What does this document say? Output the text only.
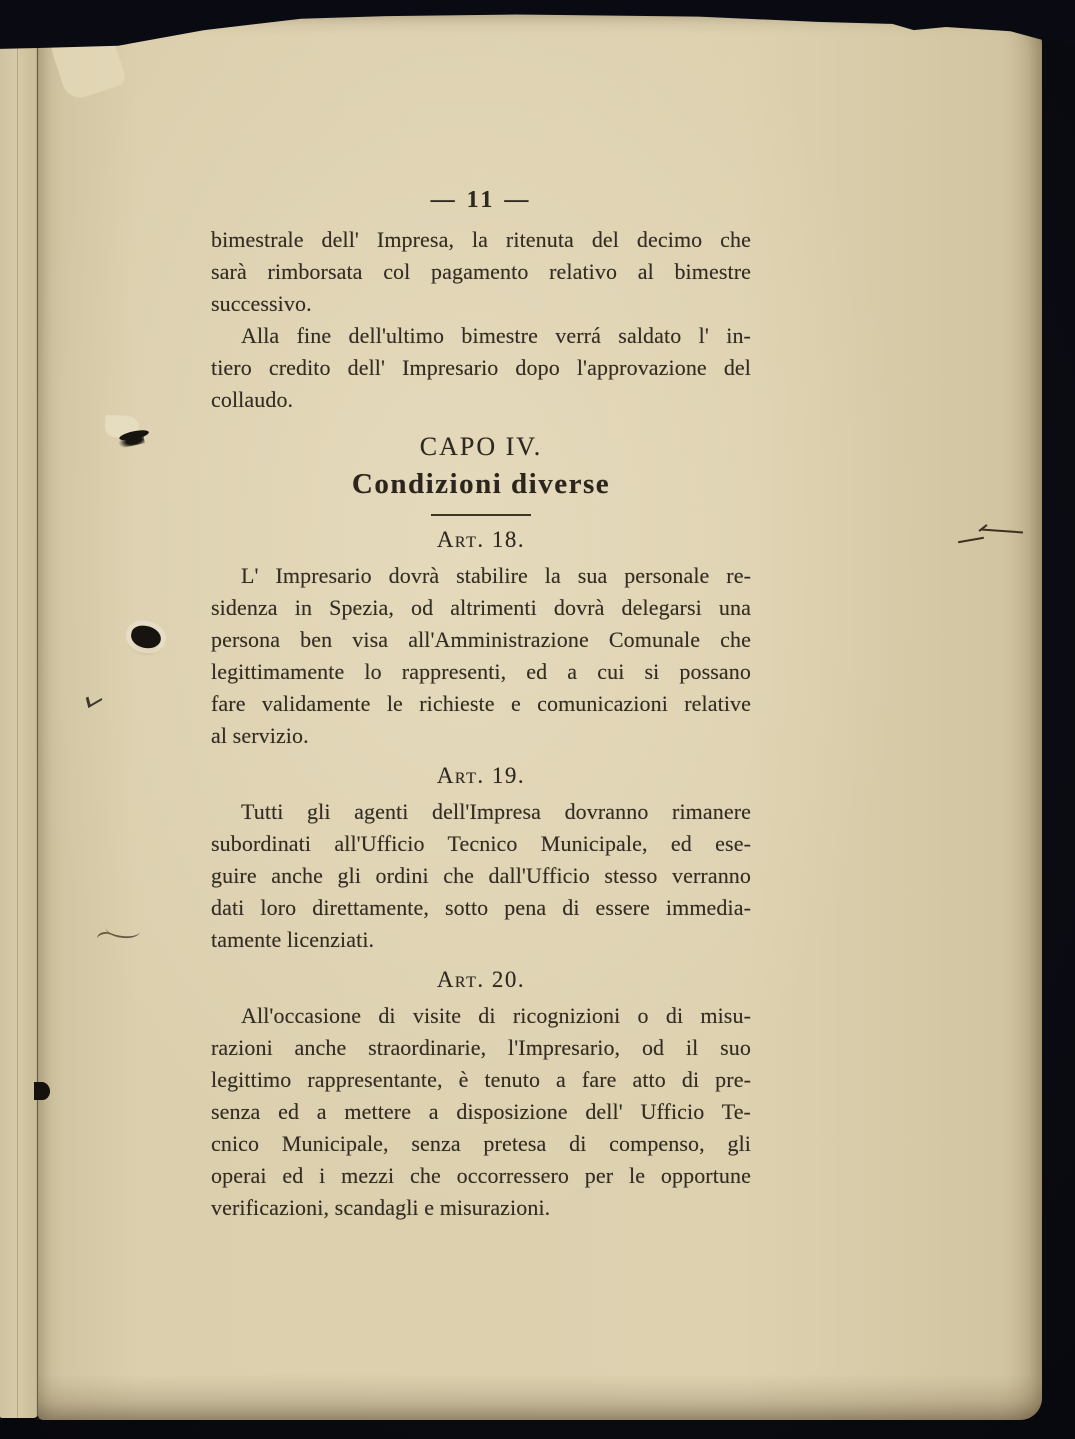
— 11 —
bimestrale dell' Impresa, la ritenuta del decimo che
sarà rimborsata col pagamento relativo al bimestre
successivo.
Alla fine dell'ultimo bimestre verrá saldato l' in-
tiero credito dell' Impresario dopo l'approvazione del
collaudo.
CAPO IV.
Condizioni diverse
Art. 18.
L' Impresario dovrà stabilire la sua personale re-
sidenza in Spezia, od altrimenti dovrà delegarsi una
persona ben visa all'Amministrazione Comunale che
legittimamente lo rappresenti, ed a cui si possano
fare validamente le richieste e comunicazioni relative
al servizio.
Art. 19.
Tutti gli agenti dell'Impresa dovranno rimanere
subordinati all'Ufficio Tecnico Municipale, ed ese-
guire anche gli ordini che dall'Ufficio stesso verranno
dati loro direttamente, sotto pena di essere immedia-
tamente licenziati.
Art. 20.
All'occasione di visite di ricognizioni o di misu-
razioni anche straordinarie, l'Impresario, od il suo
legittimo rappresentante, è tenuto a fare atto di pre-
senza ed a mettere a disposizione dell' Ufficio Te-
cnico Municipale, senza pretesa di compenso, gli
operai ed i mezzi che occorressero per le opportune
verificazioni, scandagli e misurazioni.
